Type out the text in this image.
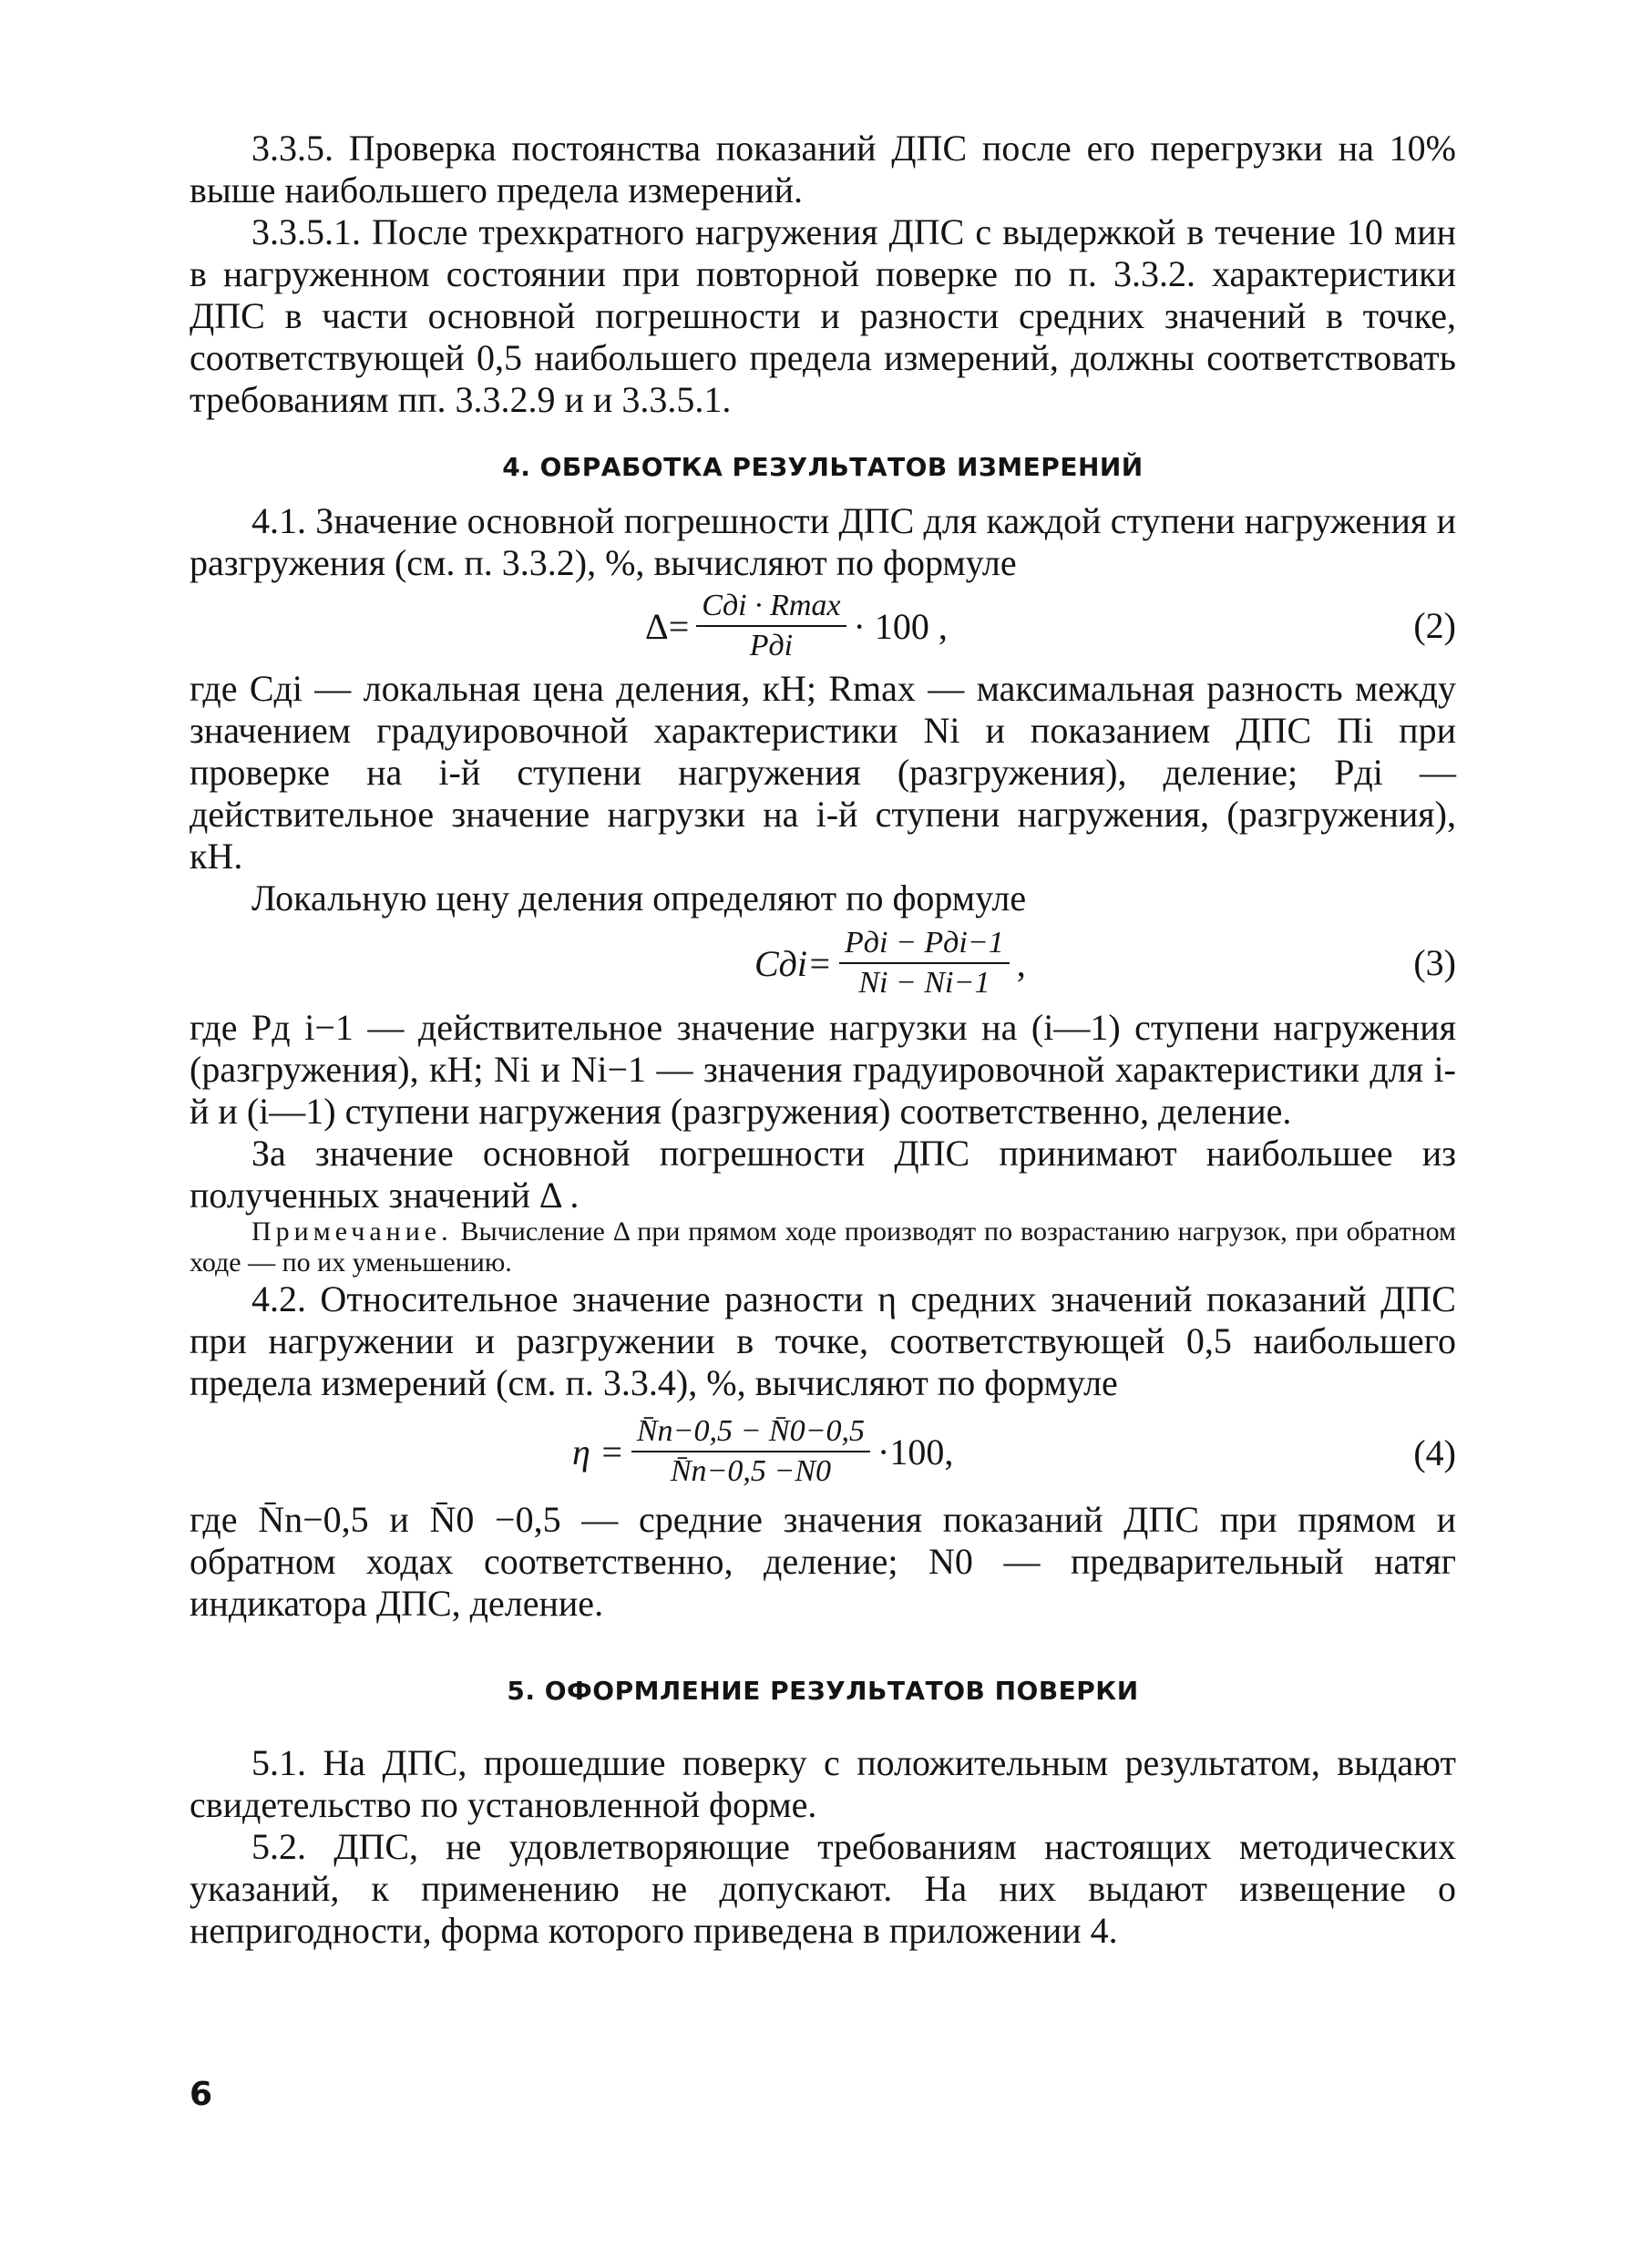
3.3.5. Проверка постоянства показаний ДПС после его перегрузки на 10% выше наибольшего предела измерений.

3.3.5.1. После трехкратного нагружения ДПС с выдержкой в течение 10 мин в нагруженном состоянии при повторной поверке по п. 3.3.2. характеристики ДПС в части основной погрешности и разности средних значений в точке, соответствующей 0,5 наибольшего предела измерений, должны соответствовать требованиям пп. 3.3.2.9 и и 3.3.5.1.

4. ОБРАБОТКА РЕЗУЛЬТАТОВ ИЗМЕРЕНИЙ

4.1. Значение основной погрешности ДПС для каждой ступени нагружения и разгружения (см. п. 3.3.2), %, вычисляют по формуле

$\Delta= \frac{\text{Cдi · Rmax}}{\text{Pдi}} \cdot 100$ ,	(2)

где Cдi — локальная цена деления, кН; Rmax — максимальная разность между значением градуировочной характеристики Ni и показанием ДПС Пi при проверке на i-й ступени нагружения (разгружения), деление; Pдi — действительное значение нагрузки на i-й ступени нагружения, (разгружения), кН.

Локальную цену деления определяют по формуле

$Cдi= \frac{\text{Pдi − Pдi−1}}{Ni - Ni-1}$ ,	(3)

где Pд i−1 — действительное значение нагрузки на (i—1) ступени нагружения (разгружения), кН; Ni и Ni−1 — значения градуировочной характеристики для i-й и (i—1) ступени нагружения (разгружения) соответственно, деление.

За значение основной погрешности ДПС принимают наибольшее из полученных значений Δ .

Примечание. Вычисление Δ при прямом ходе производят по возрастанию нагрузок, при обратном ходе — по их уменьшению.

4.2. Относительное значение разности η средних значений показаний ДПС при нагружении и разгружении в точке, соответствующей 0,5 наибольшего предела измерений (см. п. 3.3.4), %, вычисляют по формуле

$\eta = \frac{N̄n-0,5 - N̄0-0,5}{N̄n-0,5 -N0} \cdot 100$,	(4)

где N̄n−0,5 и N̄0 −0,5 — средние значения показаний ДПС при прямом и обратном ходах соответственно, деление; N0 — предварительный натяг индикатора ДПС, деление.

5. ОФОРМЛЕНИЕ РЕЗУЛЬТАТОВ ПОВЕРКИ

5.1. На ДПС, прошедшие поверку с положительным результатом, выдают свидетельство по установленной форме.

5.2. ДПС, не удовлетворяющие требованиям настоящих методических указаний, к применению не допускают. На них выдают извещение о непригодности, форма которого приведена в приложении 4.

6
